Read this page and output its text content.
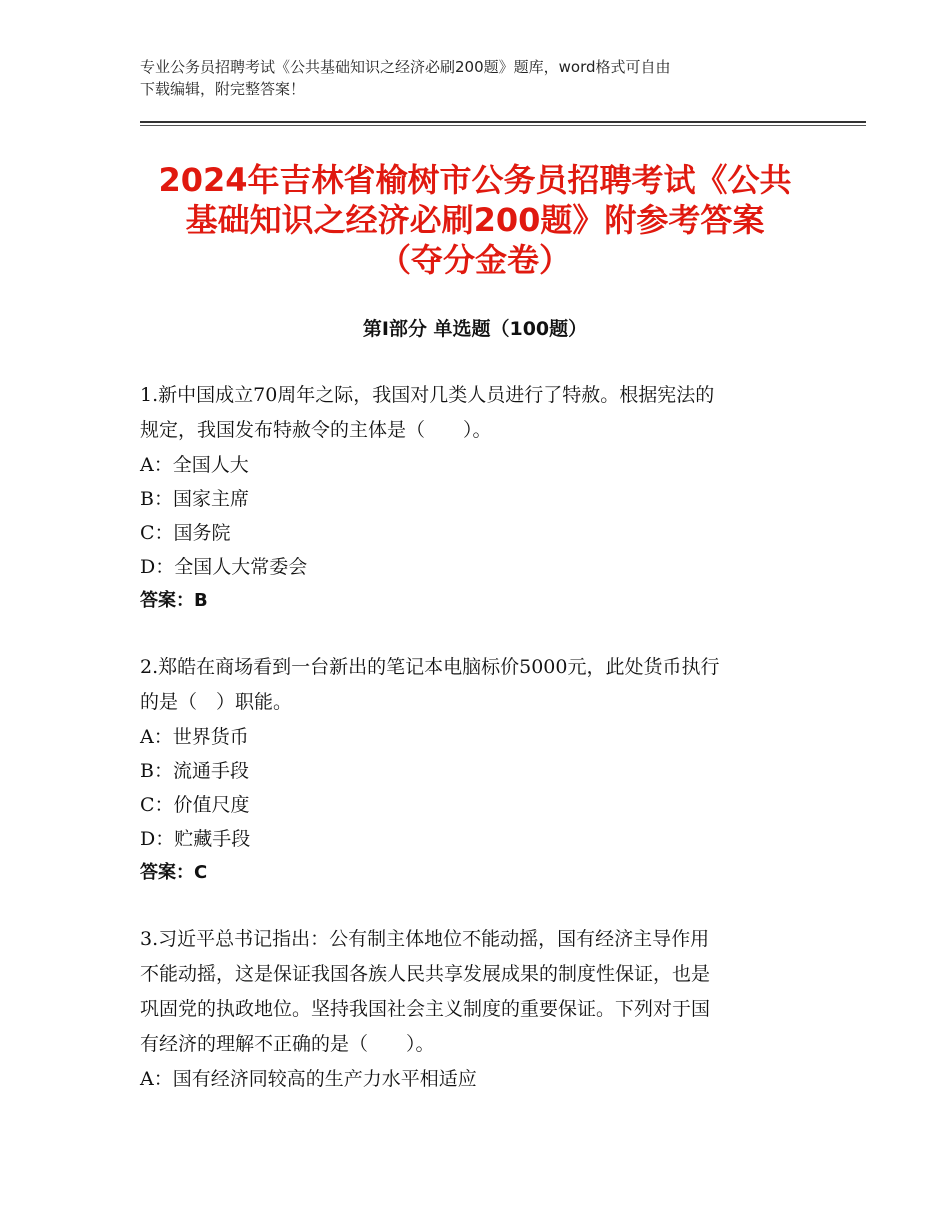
专业公务员招聘考试《公共基础知识之经济必刷200题》题库，word格式可自由
下载编辑，附完整答案！
2024年吉林省榆树市公务员招聘考试《公共
基础知识之经济必刷200题》附参考答案
（夺分金卷）
第Ⅰ部分 单选题（100题）
1.新中国成立70周年之际，我国对几类人员进行了特赦。根据宪法的
规定，我国发布特赦令的主体是（　　）。
A：全国人大
B：国家主席
C：国务院
D：全国人大常委会
答案：B
2.郑皓在商场看到一台新出的笔记本电脑标价5000元，此处货币执行
的是（　）职能。
A：世界货币
B：流通手段
C：价值尺度
D：贮藏手段
答案：C
3.习近平总书记指出：公有制主体地位不能动摇，国有经济主导作用
不能动摇，这是保证我国各族人民共享发展成果的制度性保证，也是
巩固党的执政地位。坚持我国社会主义制度的重要保证。下列对于国
有经济的理解不正确的是（　　）。
A：国有经济同较高的生产力水平相适应
